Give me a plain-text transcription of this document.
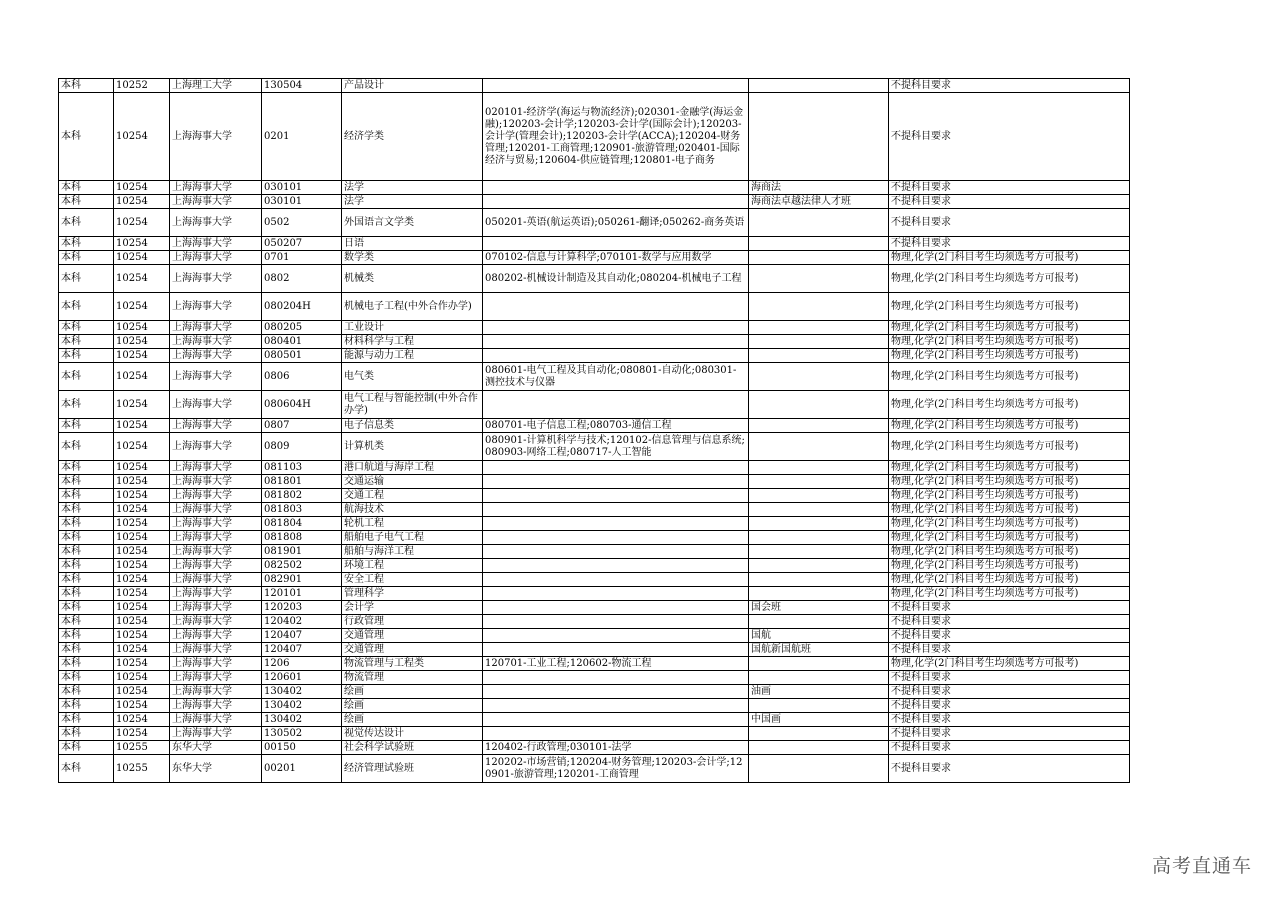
本科	10252	上海理工大学	130504	产品设计			不提科目要求
本科	10254	上海海事大学	0201	经济学类	020101-经济学(海运与物流经济);020301-金融学(海运金融);120203-会计学;120203-会计学(国际会计);120203-会计学(管理会计);120203-会计学(ACCA);120204-财务管理;120201-工商管理;120901-旅游管理;020401-国际经济与贸易;120604-供应链管理;120801-电子商务		不提科目要求
本科	10254	上海海事大学	030101	法学		海商法	不提科目要求
本科	10254	上海海事大学	030101	法学		海商法卓越法律人才班	不提科目要求
本科	10254	上海海事大学	0502	外国语言文学类	050201-英语(航运英语);050261-翻译;050262-商务英语		不提科目要求
本科	10254	上海海事大学	050207	日语			不提科目要求
本科	10254	上海海事大学	0701	数学类	070102-信息与计算科学;070101-数学与应用数学		物理,化学(2门科目考生均须选考方可报考)
本科	10254	上海海事大学	0802	机械类	080202-机械设计制造及其自动化;080204-机械电子工程		物理,化学(2门科目考生均须选考方可报考)
本科	10254	上海海事大学	080204H	机械电子工程(中外合作办学)			物理,化学(2门科目考生均须选考方可报考)
本科	10254	上海海事大学	080205	工业设计			物理,化学(2门科目考生均须选考方可报考)
本科	10254	上海海事大学	080401	材料科学与工程			物理,化学(2门科目考生均须选考方可报考)
本科	10254	上海海事大学	080501	能源与动力工程			物理,化学(2门科目考生均须选考方可报考)
本科	10254	上海海事大学	0806	电气类	080601-电气工程及其自动化;080801-自动化;080301-测控技术与仪器		物理,化学(2门科目考生均须选考方可报考)
本科	10254	上海海事大学	080604H	电气工程与智能控制(中外合作办学)			物理,化学(2门科目考生均须选考方可报考)
本科	10254	上海海事大学	0807	电子信息类	080701-电子信息工程;080703-通信工程		物理,化学(2门科目考生均须选考方可报考)
本科	10254	上海海事大学	0809	计算机类	080901-计算机科学与技术;120102-信息管理与信息系统;080903-网络工程;080717-人工智能		物理,化学(2门科目考生均须选考方可报考)
本科	10254	上海海事大学	081103	港口航道与海岸工程			物理,化学(2门科目考生均须选考方可报考)
本科	10254	上海海事大学	081801	交通运输			物理,化学(2门科目考生均须选考方可报考)
本科	10254	上海海事大学	081802	交通工程			物理,化学(2门科目考生均须选考方可报考)
本科	10254	上海海事大学	081803	航海技术			物理,化学(2门科目考生均须选考方可报考)
本科	10254	上海海事大学	081804	轮机工程			物理,化学(2门科目考生均须选考方可报考)
本科	10254	上海海事大学	081808	船舶电子电气工程			物理,化学(2门科目考生均须选考方可报考)
本科	10254	上海海事大学	081901	船舶与海洋工程			物理,化学(2门科目考生均须选考方可报考)
本科	10254	上海海事大学	082502	环境工程			物理,化学(2门科目考生均须选考方可报考)
本科	10254	上海海事大学	082901	安全工程			物理,化学(2门科目考生均须选考方可报考)
本科	10254	上海海事大学	120101	管理科学			物理,化学(2门科目考生均须选考方可报考)
本科	10254	上海海事大学	120203	会计学		国会班	不提科目要求
本科	10254	上海海事大学	120402	行政管理			不提科目要求
本科	10254	上海海事大学	120407	交通管理		国航	不提科目要求
本科	10254	上海海事大学	120407	交通管理		国航新国航班	不提科目要求
本科	10254	上海海事大学	1206	物流管理与工程类	120701-工业工程;120602-物流工程		物理,化学(2门科目考生均须选考方可报考)
本科	10254	上海海事大学	120601	物流管理			不提科目要求
本科	10254	上海海事大学	130402	绘画		油画	不提科目要求
本科	10254	上海海事大学	130402	绘画			不提科目要求
本科	10254	上海海事大学	130402	绘画		中国画	不提科目要求
本科	10254	上海海事大学	130502	视觉传达设计			不提科目要求
本科	10255	东华大学	00150	社会科学试验班	120402-行政管理;030101-法学		不提科目要求
本科	10255	东华大学	00201	经济管理试验班	120202-市场营销;120204-财务管理;120203-会计学;120901-旅游管理;120201-工商管理		不提科目要求
高考直通车
